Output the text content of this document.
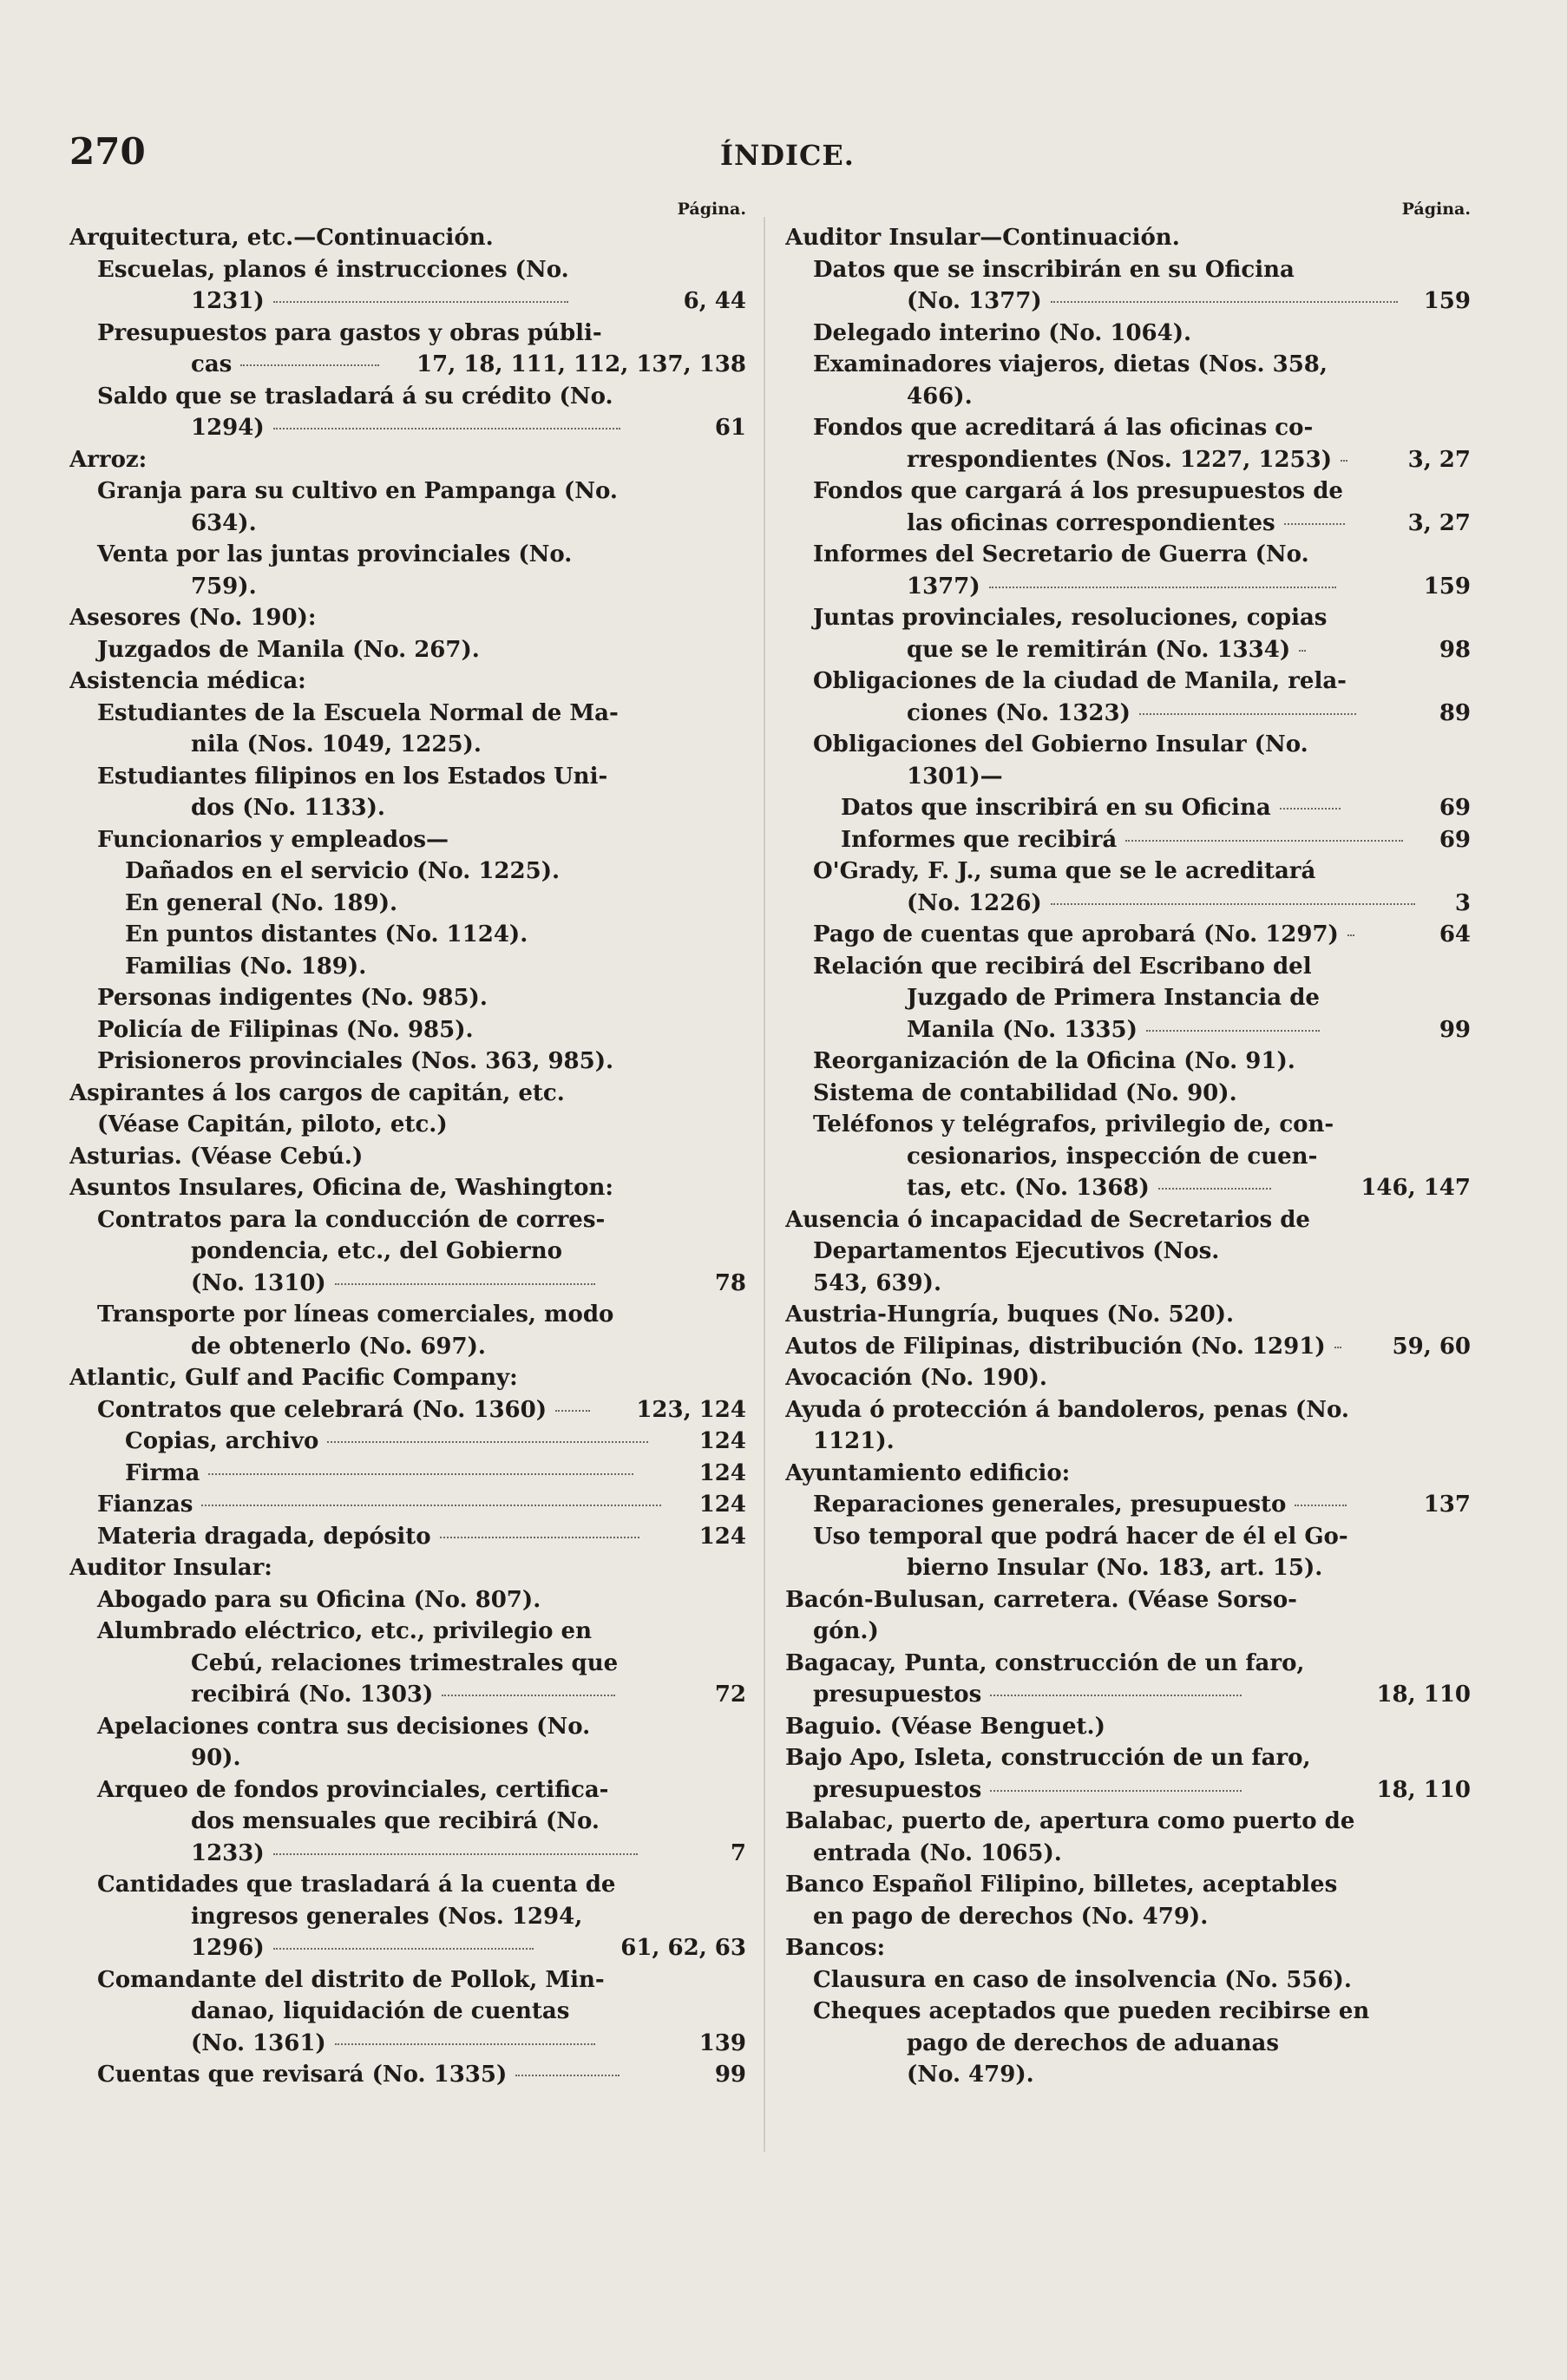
270	ÍNDICE.
Página.
Arquitectura, etc.—Continuación.
Escuelas, planos é instrucciones (No.
1231)	6, 44
Presupuestos para gastos y obras públi-
cas	17, 18, 111, 112, 137, 138
Saldo que se trasladará á su crédito (No.
1294)	61
Arroz:
Granja para su cultivo en Pampanga (No.
634).
Venta por las juntas provinciales (No.
759).
Asesores (No. 190):
Juzgados de Manila (No. 267).
Asistencia médica:
Estudiantes de la Escuela Normal de Ma-
nila (Nos. 1049, 1225).
Estudiantes filipinos en los Estados Uni-
dos (No. 1133).
Funcionarios y empleados—
Dañados en el servicio (No. 1225).
En general (No. 189).
En puntos distantes (No. 1124).
Familias (No. 189).
Personas indigentes (No. 985).
Policía de Filipinas (No. 985).
Prisioneros provinciales (Nos. 363, 985).
Aspirantes á los cargos de capitán, etc.
(Véase Capitán, piloto, etc.)
Asturias. (Véase Cebú.)
Asuntos Insulares, Oficina de, Washington:
Contratos para la conducción de corres-
pondencia, etc., del Gobierno
(No. 1310)	78
Transporte por líneas comerciales, modo
de obtenerlo (No. 697).
Atlantic, Gulf and Pacific Company:
Contratos que celebrará (No. 1360)	123, 124
Copias, archivo	124
Firma	124
Fianzas	124
Materia dragada, depósito	124
Auditor Insular:
Abogado para su Oficina (No. 807).
Alumbrado eléctrico, etc., privilegio en
Cebú, relaciones trimestrales que
recibirá (No. 1303)	72
Apelaciones contra sus decisiones (No.
90).
Arqueo de fondos provinciales, certifica-
dos mensuales que recibirá (No.
1233)	7
Cantidades que trasladará á la cuenta de
ingresos generales (Nos. 1294,
1296)	61, 62, 63
Comandante del distrito de Pollok, Min-
danao, liquidación de cuentas
(No. 1361)	139
Cuentas que revisará (No. 1335)	99
Página.
Auditor Insular—Continuación.
Datos que se inscribirán en su Oficina
(No. 1377)	159
Delegado interino (No. 1064).
Examinadores viajeros, dietas (Nos. 358,
466).
Fondos que acreditará á las oficinas co-
rrespondientes (Nos. 1227, 1253)	3, 27
Fondos que cargará á los presupuestos de
las oficinas correspondientes	3, 27
Informes del Secretario de Guerra (No.
1377)	159
Juntas provinciales, resoluciones, copias
que se le remitirán (No. 1334)	98
Obligaciones de la ciudad de Manila, rela-
ciones (No. 1323)	89
Obligaciones del Gobierno Insular (No.
1301)—
Datos que inscribirá en su Oficina	69
Informes que recibirá	69
O'Grady, F. J., suma que se le acreditará
(No. 1226)	3
Pago de cuentas que aprobará (No. 1297)	64
Relación que recibirá del Escribano del
Juzgado de Primera Instancia de
Manila (No. 1335)	99
Reorganización de la Oficina (No. 91).
Sistema de contabilidad (No. 90).
Teléfonos y telégrafos, privilegio de, con-
cesionarios, inspección de cuen-
tas, etc. (No. 1368)	146, 147
Ausencia ó incapacidad de Secretarios de
Departamentos Ejecutivos (Nos.
543, 639).
Austria-Hungría, buques (No. 520).
Autos de Filipinas, distribución (No. 1291)	59, 60
Avocación (No. 190).
Ayuda ó protección á bandoleros, penas (No.
1121).
Ayuntamiento edificio:
Reparaciones generales, presupuesto	137
Uso temporal que podrá hacer de él el Go-
bierno Insular (No. 183, art. 15).
Bacón-Bulusan, carretera. (Véase Sorso-
gón.)
Bagacay, Punta, construcción de un faro,
presupuestos	18, 110
Baguio. (Véase Benguet.)
Bajo Apo, Isleta, construcción de un faro,
presupuestos	18, 110
Balabac, puerto de, apertura como puerto de
entrada (No. 1065).
Banco Español Filipino, billetes, aceptables
en pago de derechos (No. 479).
Bancos:
Clausura en caso de insolvencia (No. 556).
Cheques aceptados que pueden recibirse en
pago de derechos de aduanas
(No. 479).
